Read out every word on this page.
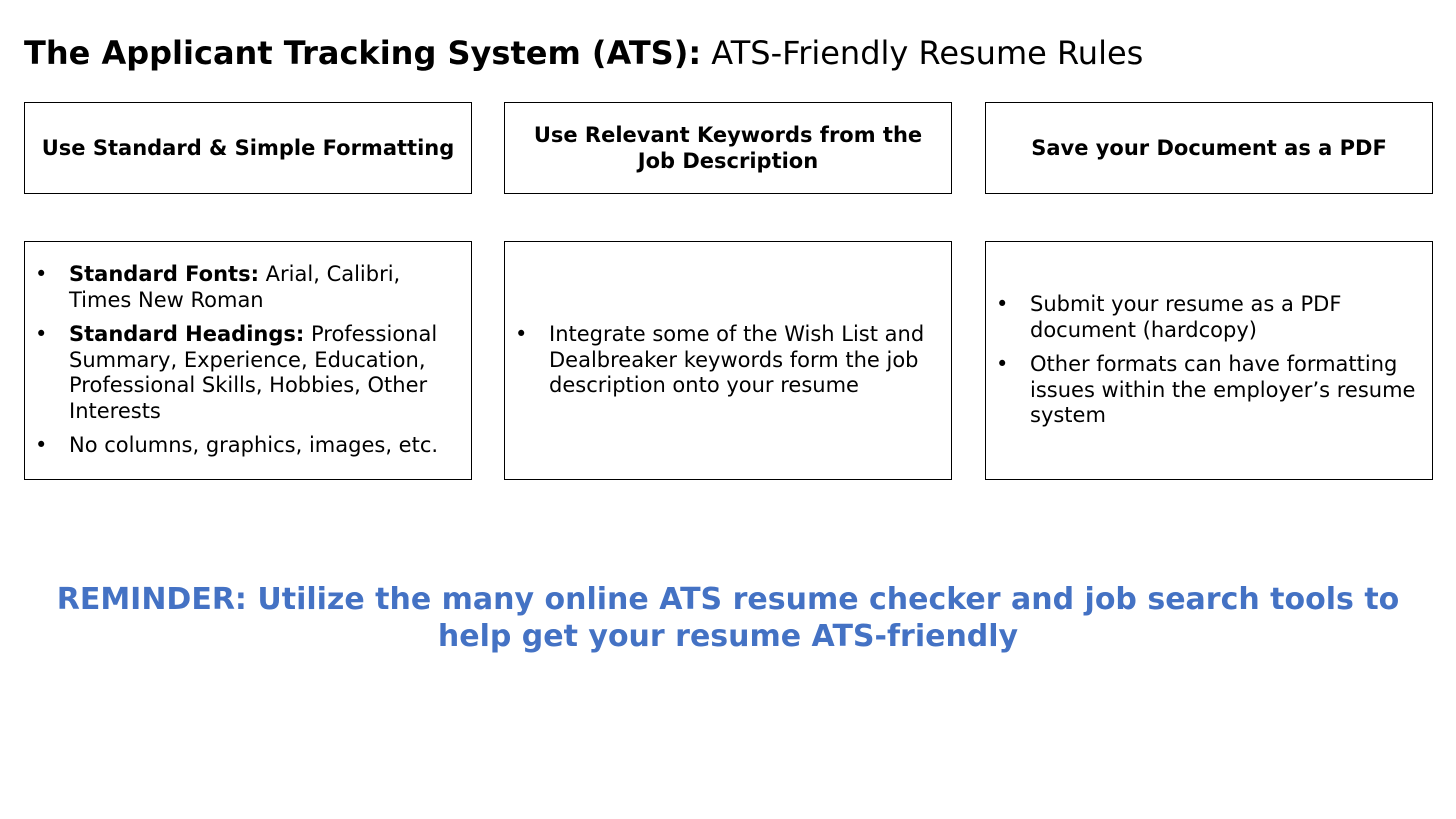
The Applicant Tracking System (ATS): ATS-Friendly Resume Rules
Use Standard & Simple Formatting
Use Relevant Keywords from the Job Description
Save your Document as a PDF
•	Standard Fonts: Arial, Calibri, Times New Roman
•	Standard Headings: Professional Summary, Experience, Education, Professional Skills, Hobbies, Other Interests
•	No columns, graphics, images, etc.
•	Integrate some of the Wish List and Dealbreaker keywords form the job description onto your resume
•	Submit your resume as a PDF document (hardcopy)
•	Other formats can have formatting issues within the employer’s resume system
REMINDER: Utilize the many online ATS resume checker and job search tools to help get your resume ATS-friendly
